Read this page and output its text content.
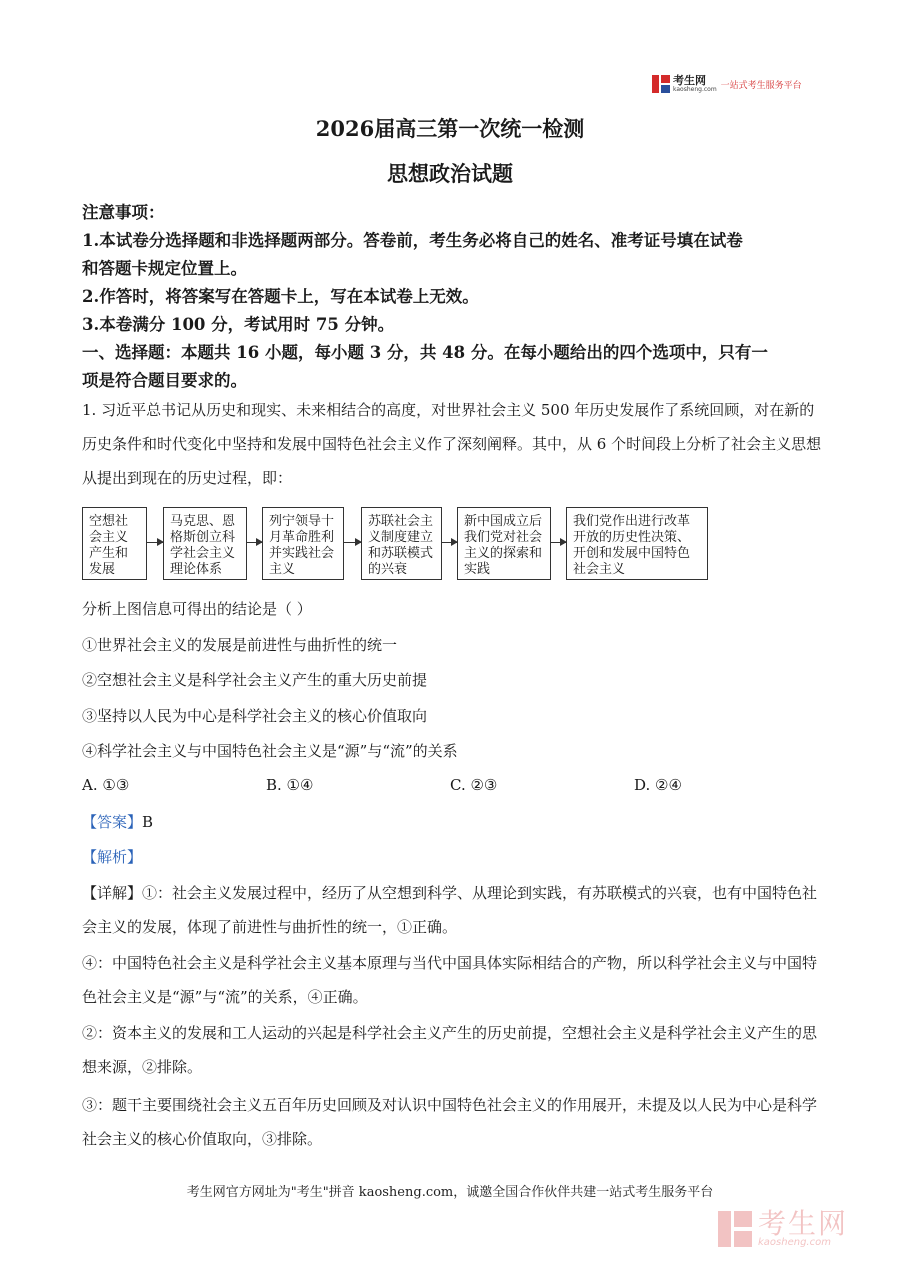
考生网
kaosheng.com 一站式考生服务平台
2026届高三第一次统一检测
思想政治试题
注意事项：
1.本试卷分选择题和非选择题两部分。答卷前，考生务必将自己的姓名、准考证号填在试卷
和答题卡规定位置上。
2.作答时，将答案写在答题卡上，写在本试卷上无效。
3.本卷满分 100 分，考试用时 75 分钟。
一、选择题：本题共 16 小题，每小题 3 分，共 48 分。在每小题给出的四个选项中，只有一
项是符合题目要求的。
1. 习近平总书记从历史和现实、未来相结合的高度，对世界社会主义 500 年历史发展作了系统回顾，对在新的历史条件和时代变化中坚持和发展中国特色社会主义作了深刻阐释。其中，从 6 个时间段上分析了社会主义思想从提出到现在的历史过程，即：
空想社会主义产生和发展
马克思、恩格斯创立科学社会主义理论体系
列宁领导十月革命胜利并实践社会主义
苏联社会主义制度建立和苏联模式的兴衰
新中国成立后我们党对社会主义的探索和实践
我们党作出进行改革开放的历史性决策、开创和发展中国特色社会主义
分析上图信息可得出的结论是（ ）
①世界社会主义的发展是前进性与曲折性的统一
②空想社会主义是科学社会主义产生的重大历史前提
③坚持以人民为中心是科学社会主义的核心价值取向
④科学社会主义与中国特色社会主义是“源”与“流”的关系
A. ①③	B. ①④	C. ②③	D. ②④
【答案】B
【解析】
【详解】①：社会主义发展过程中，经历了从空想到科学、从理论到实践，有苏联模式的兴衰，也有中国特色社会主义的发展，体现了前进性与曲折性的统一，①正确。
④：中国特色社会主义是科学社会主义基本原理与当代中国具体实际相结合的产物，所以科学社会主义与中国特色社会主义是“源”与“流”的关系，④正确。
②：资本主义的发展和工人运动的兴起是科学社会主义产生的历史前提，空想社会主义是科学社会主义产生的思想来源，②排除。
③：题干主要围绕社会主义五百年历史回顾及对认识中国特色社会主义的作用展开，未提及以人民为中心是科学社会主义的核心价值取向，③排除。
考生网官方网址为"考生"拼音 kaosheng.com，诚邀全国合作伙伴共建一站式考生服务平台
考生网
kaosheng.com
